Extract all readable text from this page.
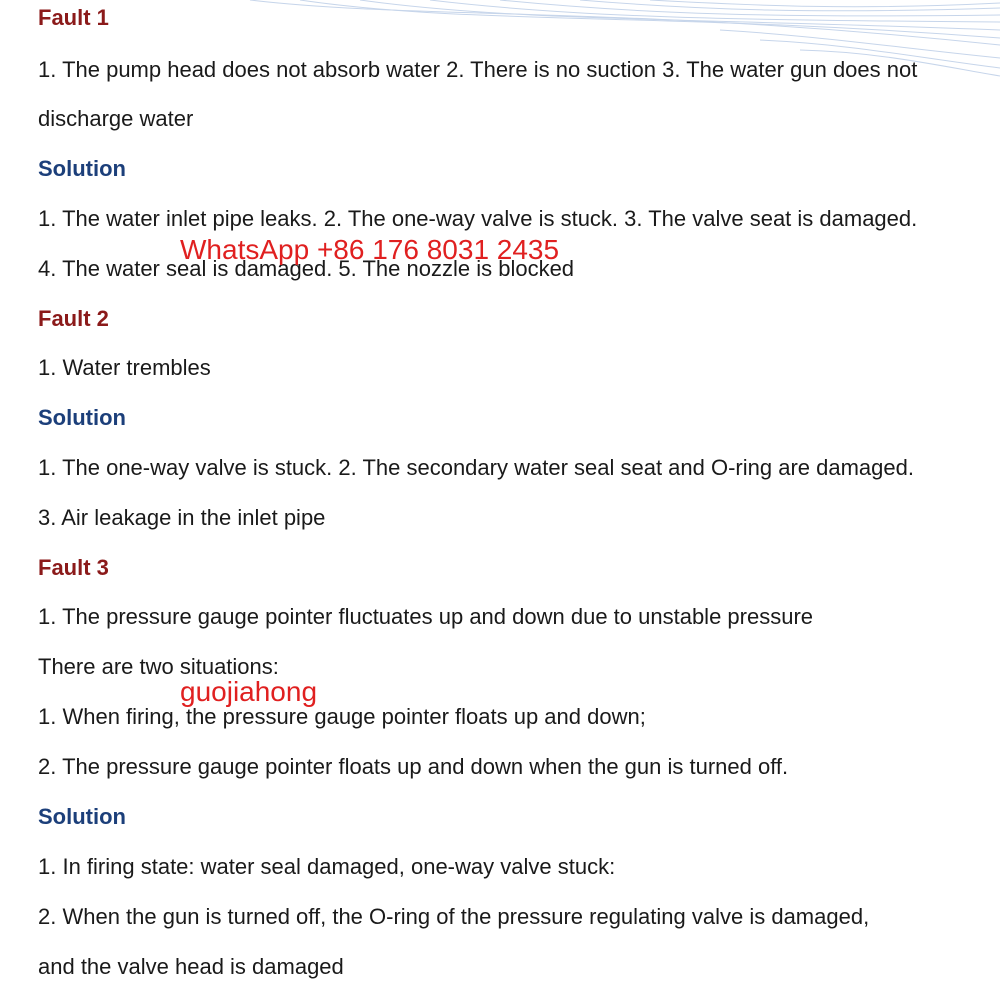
Fault 1

1. The pump head does not absorb water 2. There is no suction 3. The water gun does not

discharge water

Solution

1. The water inlet pipe leaks. 2. The one-way valve is stuck. 3. The valve seat is damaged.

4. The water seal is damaged. 5. The nozzle is blocked

Fault 2

1. Water trembles

Solution

1. The one-way valve is stuck. 2. The secondary water seal seat and O-ring are damaged.

3. Air leakage in the inlet pipe

Fault 3

1. The pressure gauge pointer fluctuates up and down due to unstable pressure

There are two situations:

1. When firing, the pressure gauge pointer floats up and down;

2. The pressure gauge pointer floats up and down when the gun is turned off.

Solution

1. In firing state: water seal damaged, one-way valve stuck:

2. When the gun is turned off, the O-ring of the pressure regulating valve is damaged,

and the valve head is damaged

WhatsApp +86 176 8031 2435

guojiahong
